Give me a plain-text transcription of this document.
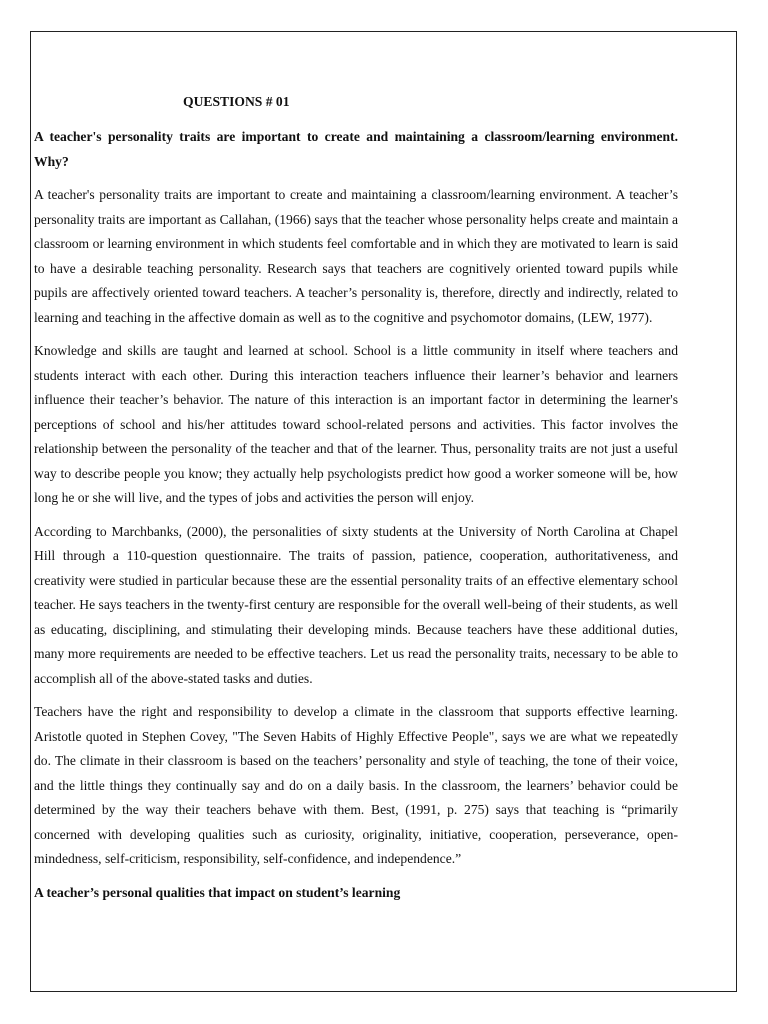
QUESTIONS # 01
A teacher's personality traits are important to create and maintaining a classroom/learning environment. Why?

A teacher's personality traits are important to create and maintaining a classroom/learning environment. A teacher’s personality traits are important as Callahan, (1966) says that the teacher whose personality helps create and maintain a classroom or learning environment in which students feel comfortable and in which they are motivated to learn is said to have a desirable teaching personality. Research says that teachers are cognitively oriented toward pupils while pupils are affectively oriented toward teachers. A teacher’s personality is, therefore, directly and indirectly, related to learning and teaching in the affective domain as well as to the cognitive and psychomotor domains, (LEW, 1977).

Knowledge and skills are taught and learned at school. School is a little community in itself where teachers and students interact with each other. During this interaction teachers influence their learner’s behavior and learners influence their teacher’s behavior. The nature of this interaction is an important factor in determining the learner's perceptions of school and his/her attitudes toward school-related persons and activities. This factor involves the relationship between the personality of the teacher and that of the learner. Thus, personality traits are not just a useful way to describe people you know; they actually help psychologists predict how good a worker someone will be, how long he or she will live, and the types of jobs and activities the person will enjoy.

According to Marchbanks, (2000), the personalities of sixty students at the University of North Carolina at Chapel Hill through a 110-question questionnaire. The traits of passion, patience, cooperation, authoritativeness, and creativity were studied in particular because these are the essential personality traits of an effective elementary school teacher. He says teachers in the twenty-first century are responsible for the overall well-being of their students, as well as educating, disciplining, and stimulating their developing minds. Because teachers have these additional duties, many more requirements are needed to be effective teachers. Let us read the personality traits, necessary to be able to accomplish all of the above-stated tasks and duties.

Teachers have the right and responsibility to develop a climate in the classroom that supports effective learning. Aristotle quoted in Stephen Covey, "The Seven Habits of Highly Effective People", says we are what we repeatedly do. The climate in their classroom is based on the teachers’ personality and style of teaching, the tone of their voice, and the little things they continually say and do on a daily basis. In the classroom, the learners’ behavior could be determined by the way their teachers behave with them. Best, (1991, p. 275) says that teaching is “primarily concerned with developing qualities such as curiosity, originality, initiative, cooperation, perseverance, open-mindedness, self-criticism, responsibility, self-confidence, and independence.”

A teacher’s personal qualities that impact on student’s learning
